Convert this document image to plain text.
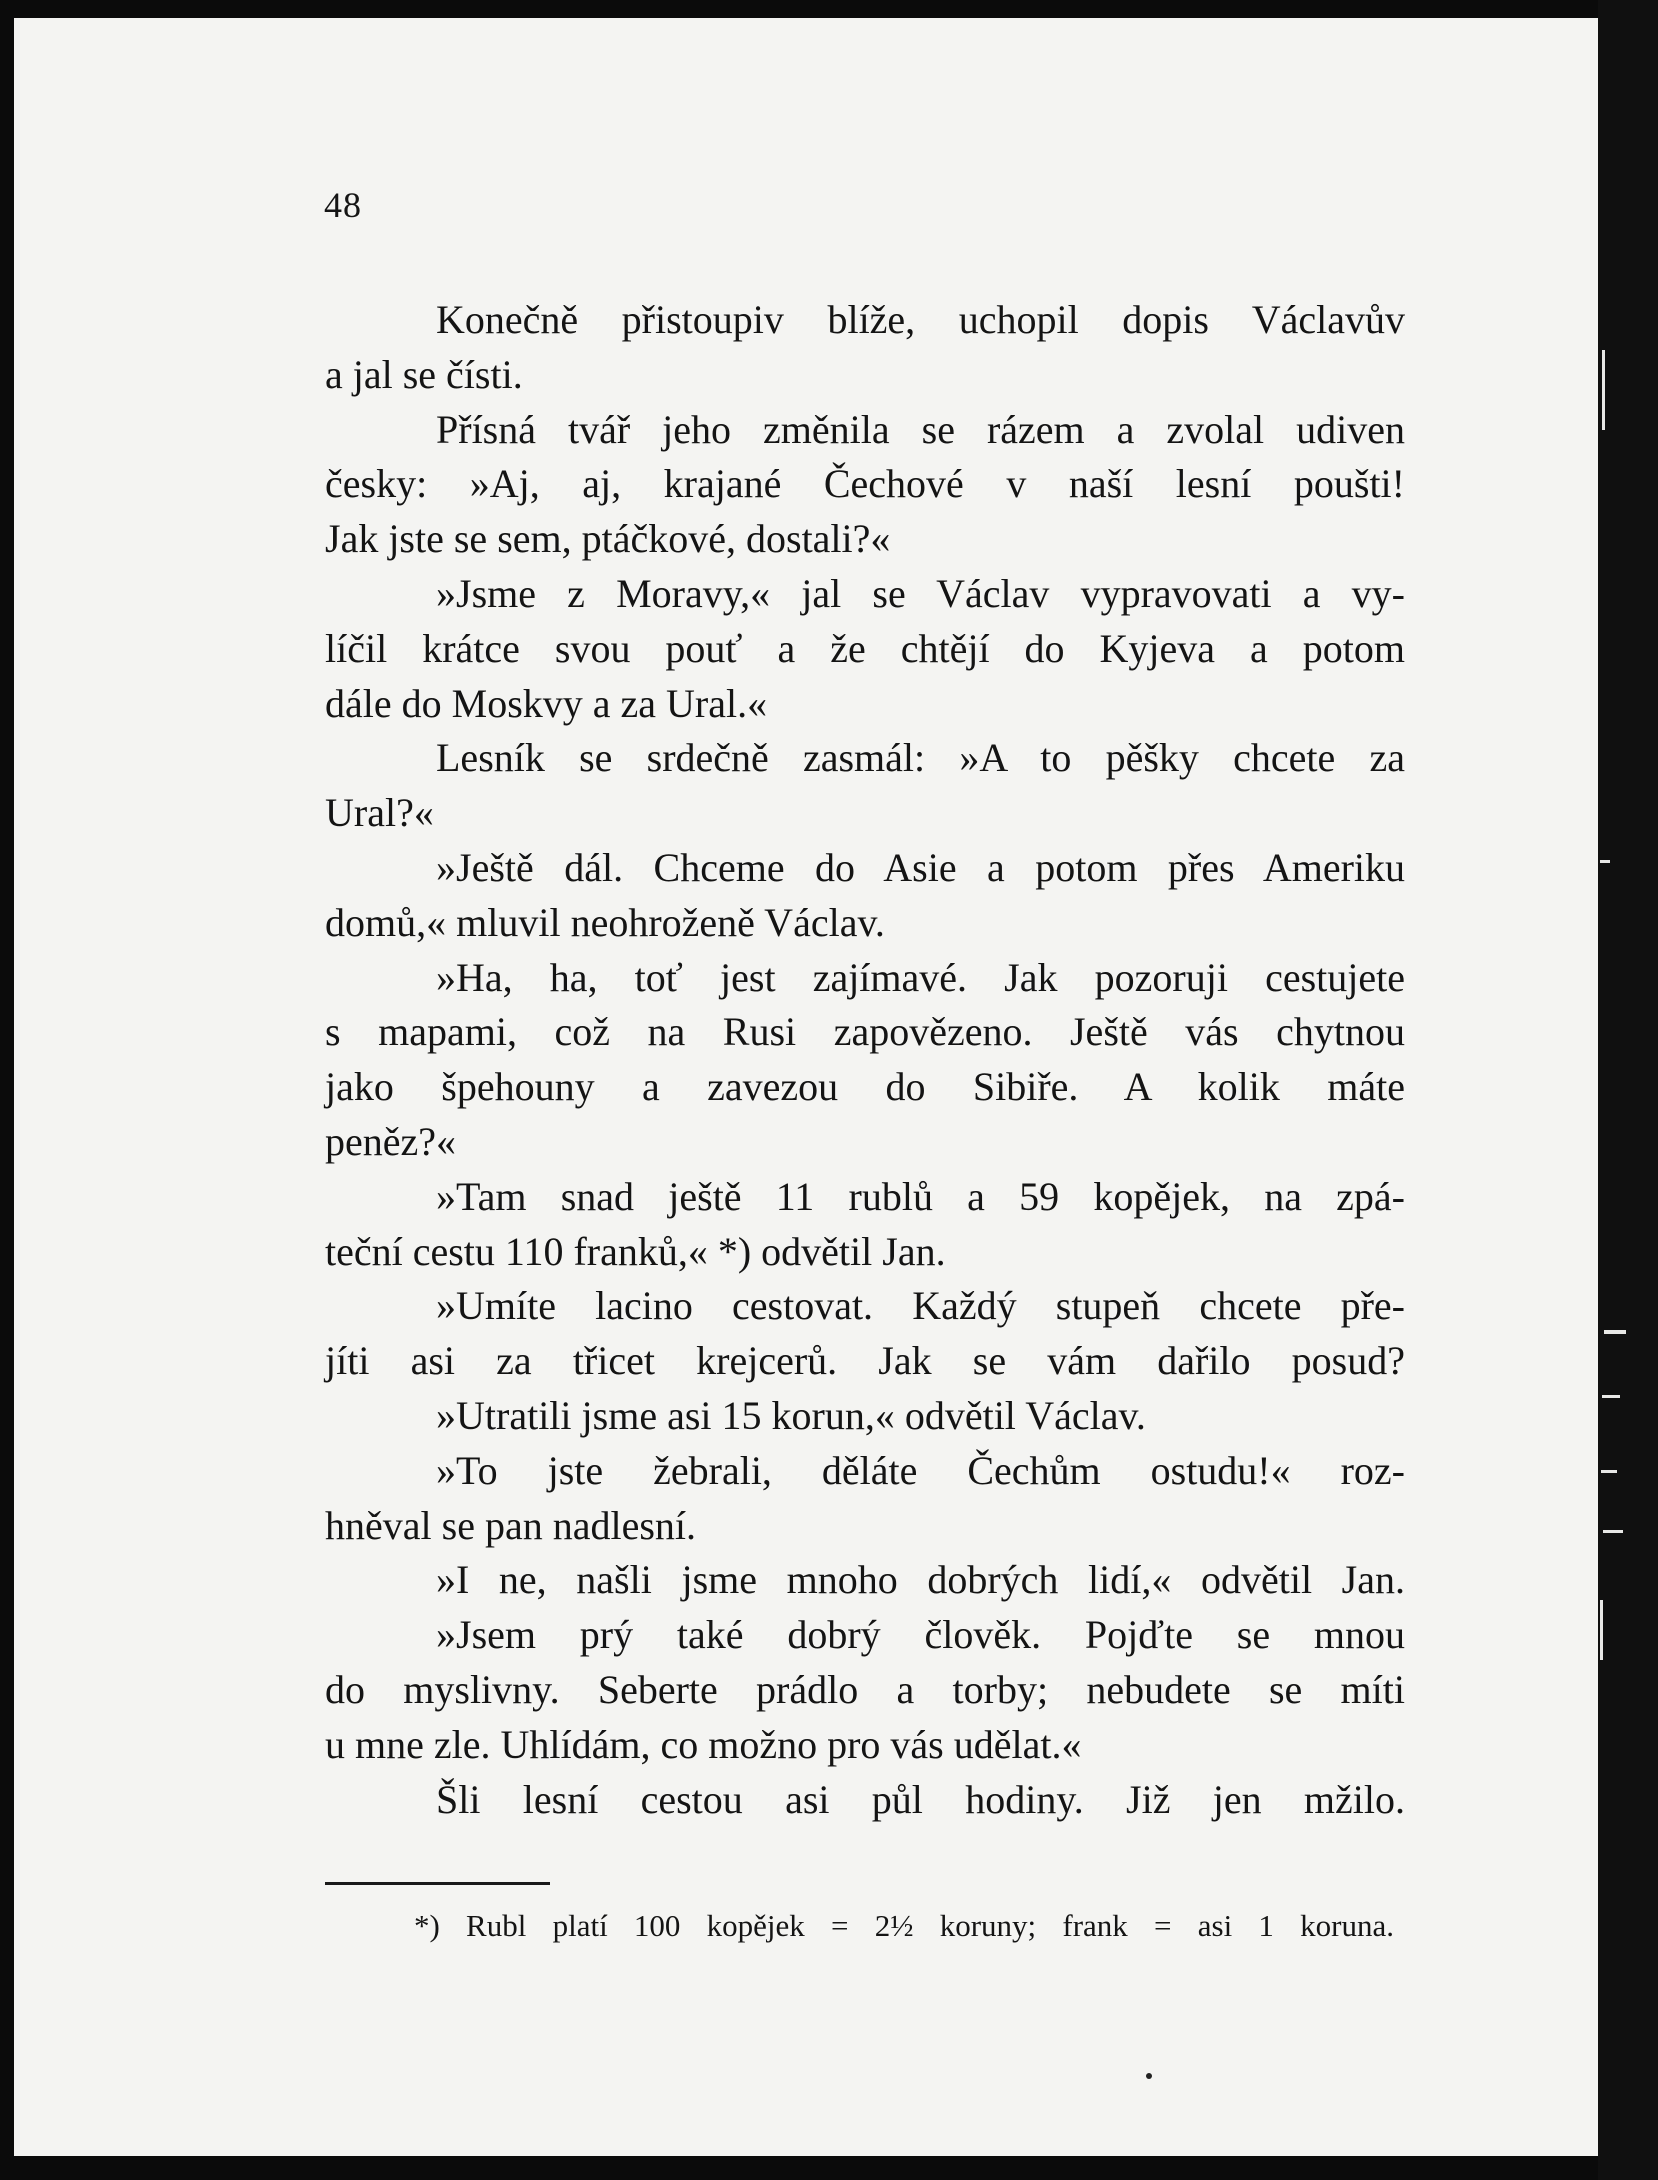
48
Konečně přistoupiv blíže, uchopil dopis Václavův
a jal se čísti.
Přísná tvář jeho změnila se rázem a zvolal udiven
česky: »Aj, aj, krajané Čechové v naší lesní poušti!
Jak jste se sem, ptáčkové, dostali?«
»Jsme z Moravy,« jal se Václav vypravovati a vy-
líčil krátce svou pouť a že chtějí do Kyjeva a potom
dále do Moskvy a za Ural.«
Lesník se srdečně zasmál: »A to pěšky chcete za
Ural?«
»Ještě dál. Chceme do Asie a potom přes Ameriku
domů,« mluvil neohroženě Václav.
»Ha, ha, toť jest zajímavé. Jak pozoruji cestujete
s mapami, což na Rusi zapovězeno. Ještě vás chytnou
jako špehouny a zavezou do Sibiře. A kolik máte
peněz?«
»Tam snad ještě 11 rublů a 59 kopějek, na zpá-
teční cestu 110 franků,« *) odvětil Jan.
»Umíte lacino cestovat. Každý stupeň chcete pře-
jíti asi za třicet krejcerů. Jak se vám dařilo posud?
»Utratili jsme asi 15 korun,« odvětil Václav.
»To jste žebrali, děláte Čechům ostudu!« roz-
hněval se pan nadlesní.
»I ne, našli jsme mnoho dobrých lidí,« odvětil Jan.
»Jsem prý také dobrý člověk. Pojďte se mnou
do myslivny. Seberte prádlo a torby; nebudete se míti
u mne zle. Uhlídám, co možno pro vás udělat.«
Šli lesní cestou asi půl hodiny. Již jen mžilo.
*) Rubl platí 100 kopějek = 2½ koruny; frank = asi 1 koruna.
